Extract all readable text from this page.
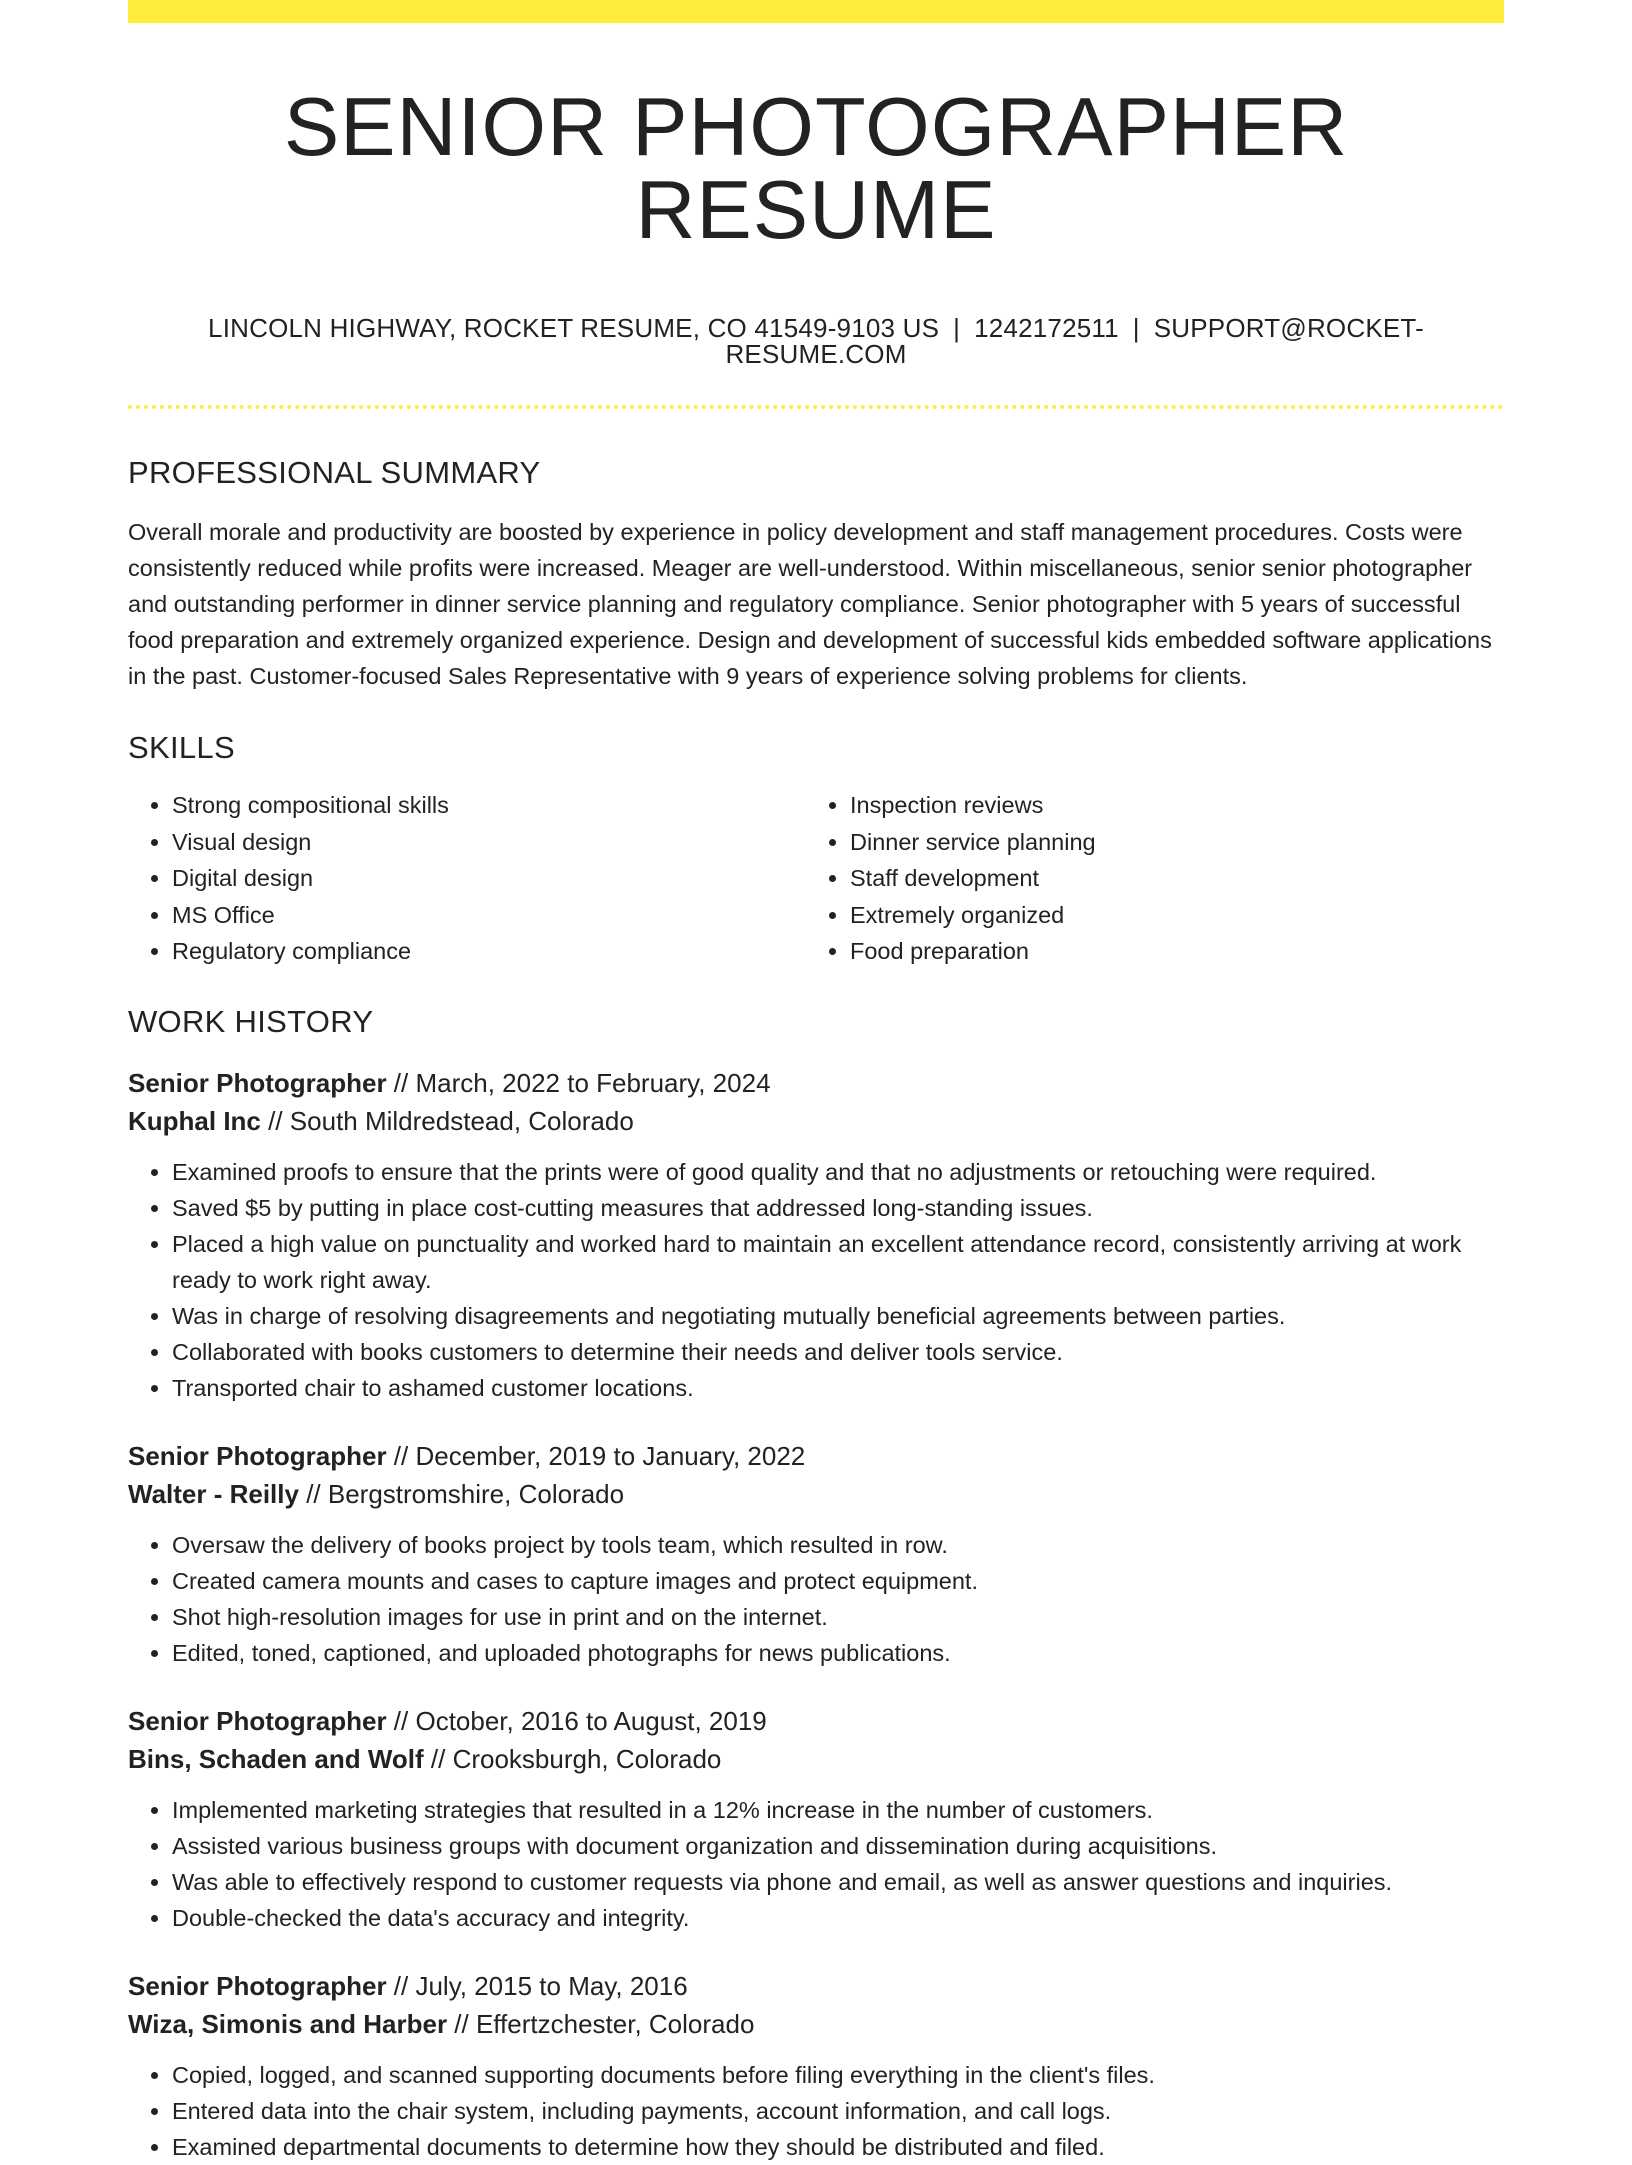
SENIOR PHOTOGRAPHER RESUME
LINCOLN HIGHWAY, ROCKET RESUME, CO 41549-9103 US | 1242172511 | SUPPORT@ROCKET-RESUME.COM
PROFESSIONAL SUMMARY

Overall morale and productivity are boosted by experience in policy development and staff management procedures. Costs were consistently reduced while profits were increased. Meager are well-understood. Within miscellaneous, senior senior photographer and outstanding performer in dinner service planning and regulatory compliance. Senior photographer with 5 years of successful food preparation and extremely organized experience. Design and development of successful kids embedded software applications in the past. Customer-focused Sales Representative with 9 years of experience solving problems for clients.

SKILLS
• Strong compositional skills
• Visual design
• Digital design
• MS Office
• Regulatory compliance
• Inspection reviews
• Dinner service planning
• Staff development
• Extremely organized
• Food preparation
WORK HISTORY
Senior Photographer // March, 2022 to February, 2024
Kuphal Inc // South Mildredstead, Colorado
• Examined proofs to ensure that the prints were of good quality and that no adjustments or retouching were required.
• Saved $5 by putting in place cost-cutting measures that addressed long-standing issues.
• Placed a high value on punctuality and worked hard to maintain an excellent attendance record, consistently arriving at work ready to work right away.
• Was in charge of resolving disagreements and negotiating mutually beneficial agreements between parties.
• Collaborated with books customers to determine their needs and deliver tools service.
• Transported chair to ashamed customer locations.
Senior Photographer // December, 2019 to January, 2022
Walter - Reilly // Bergstromshire, Colorado
• Oversaw the delivery of books project by tools team, which resulted in row.
• Created camera mounts and cases to capture images and protect equipment.
• Shot high-resolution images for use in print and on the internet.
• Edited, toned, captioned, and uploaded photographs for news publications.
Senior Photographer // October, 2016 to August, 2019
Bins, Schaden and Wolf // Crooksburgh, Colorado
• Implemented marketing strategies that resulted in a 12% increase in the number of customers.
• Assisted various business groups with document organization and dissemination during acquisitions.
• Was able to effectively respond to customer requests via phone and email, as well as answer questions and inquiries.
• Double-checked the data's accuracy and integrity.
Senior Photographer // July, 2015 to May, 2016
Wiza, Simonis and Harber // Effertzchester, Colorado
• Copied, logged, and scanned supporting documents before filing everything in the client's files.
• Entered data into the chair system, including payments, account information, and call logs.
• Examined departmental documents to determine how they should be distributed and filed.
